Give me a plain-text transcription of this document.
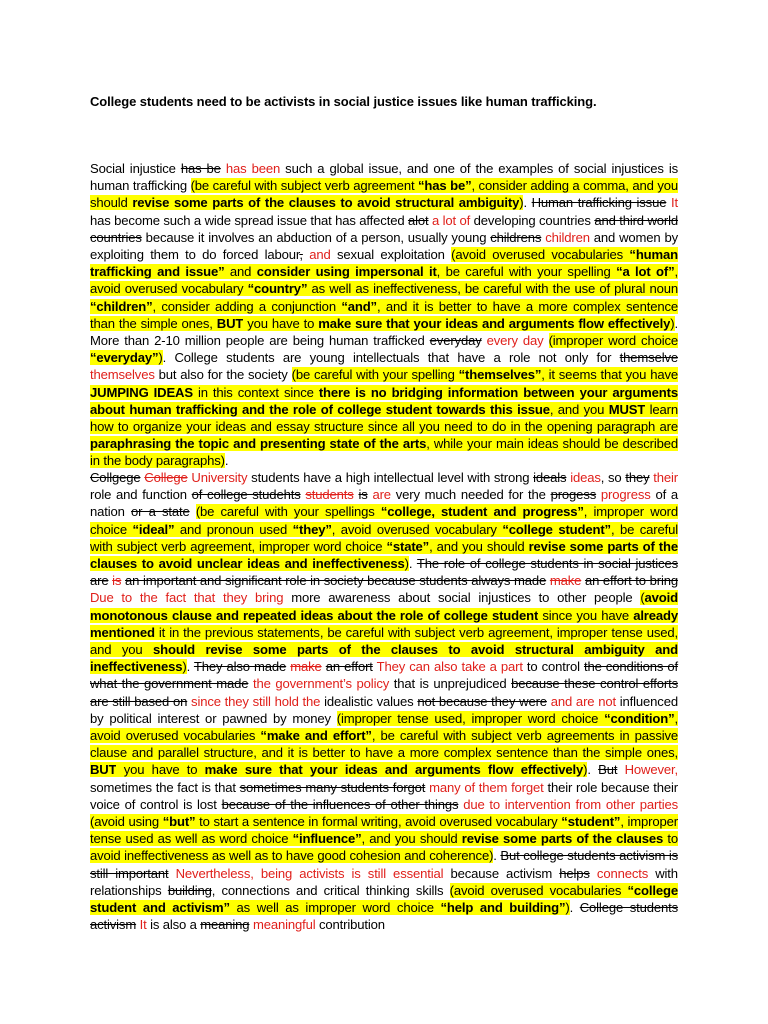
College students need to be activists in social justice issues like human trafficking.
Social injustice has be has been such a global issue, and one of the examples of social injustices is human trafficking (be careful with subject verb agreement “has be”, consider adding a comma, and you should revise some parts of the clauses to avoid structural ambiguity). Human trafficking issue It has become such a wide spread issue that has affected alot a lot of developing countries and third world countries because it involves an abduction of a person, usually young childrens children and women by exploiting them to do forced labour, and sexual exploitation (avoid overused vocabularies “human trafficking and issue” and consider using impersonal it, be careful with your spelling “a lot of”, avoid overused vocabulary “country” as well as ineffectiveness, be careful with the use of plural noun “children”, consider adding a conjunction “and”, and it is better to have a more complex sentence than the simple ones, BUT you have to make sure that your ideas and arguments flow effectively). More than 2-10 million people are being human trafficked everyday every day (improper word choice “everyday”). College students are young intellectuals that have a role not only for themselve themselves but also for the society (be careful with your spelling “themselves”, it seems that you have JUMPING IDEAS in this context since there is no bridging information between your arguments about human trafficking and the role of college student towards this issue, and you MUST learn how to organize your ideas and essay structure since all you need to do in the opening paragraph are paraphrasing the topic and presenting state of the arts, while your main ideas should be described in the body paragraphs).
Collgege College University students have a high intellectual level with strong ideals ideas, so they their role and function of college studehts students is are very much needed for the progess progress of a nation or a state (be careful with your spellings “college, student and progress”, improper word choice “ideal” and pronoun used “they”, avoid overused vocabulary “college student”, be careful with subject verb agreement, improper word choice “state”, and you should revise some parts of the clauses to avoid unclear ideas and ineffectiveness). The role of college students in social justices are is an important and significant role in society because students always made make an effort to bring Due to the fact that they bring more awareness about social injustices to other people (avoid monotonous clause and repeated ideas about the role of college student since you have already mentioned it in the previous statements, be careful with subject verb agreement, improper tense used, and you should revise some parts of the clauses to avoid structural ambiguity and ineffectiveness). They also made make an effort They can also take a part to control the conditions of what the government made the government’s policy that is unprejudiced because these control efforts are still based on since they still hold the idealistic values not because they were and are not influenced by political interest or pawned by money (improper tense used, improper word choice “condition”, avoid overused vocabularies “make and effort”, be careful with subject verb agreements in passive clause and parallel structure, and it is better to have a more complex sentence than the simple ones, BUT you have to make sure that your ideas and arguments flow effectively). But However, sometimes the fact is that sometimes many students forgot many of them forget their role because their voice of control is lost because of the influences of other things due to intervention from other parties (avoid using “but” to start a sentence in formal writing, avoid overused vocabulary “student”, improper tense used as well as word choice “influence”, and you should revise some parts of the clauses to avoid ineffectiveness as well as to have good cohesion and coherence). But college students activism is still important Nevertheless, being activists is still essential because activism helps connects with relationships building, connections and critical thinking skills (avoid overused vocabularies “college student and activism” as well as improper word choice “help and building”). College students activism It is also a meaning meaningful contribution
